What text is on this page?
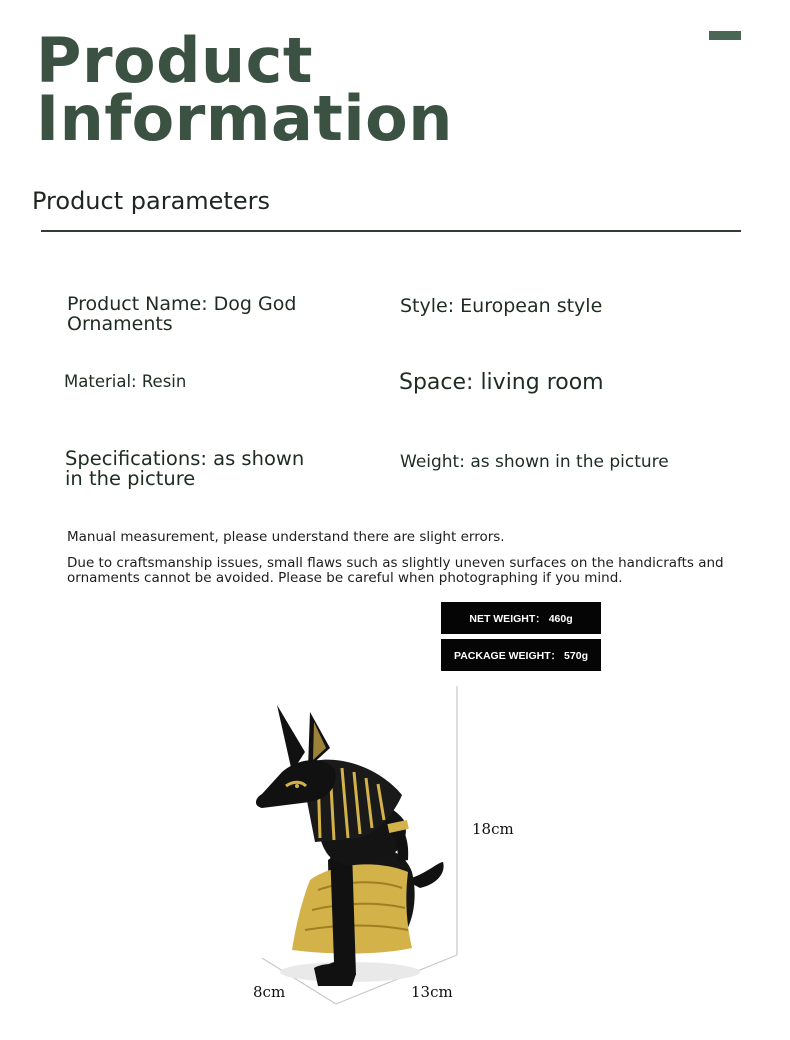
Product
Information
Product parameters
Product Name: Dog God Ornaments
Style: European style
Material: Resin	Space: living room
Specifications: as shown in the picture
Weight: as shown in the picture
Manual measurement, please understand there are slight errors.
Due to craftsmanship issues, small flaws such as slightly uneven surfaces on the handicrafts and ornaments cannot be avoided. Please be careful when photographing if you mind.
NET WEIGHT： 460g
PACKAGE WEIGHT： 570g
18cm
8cm	13cm
